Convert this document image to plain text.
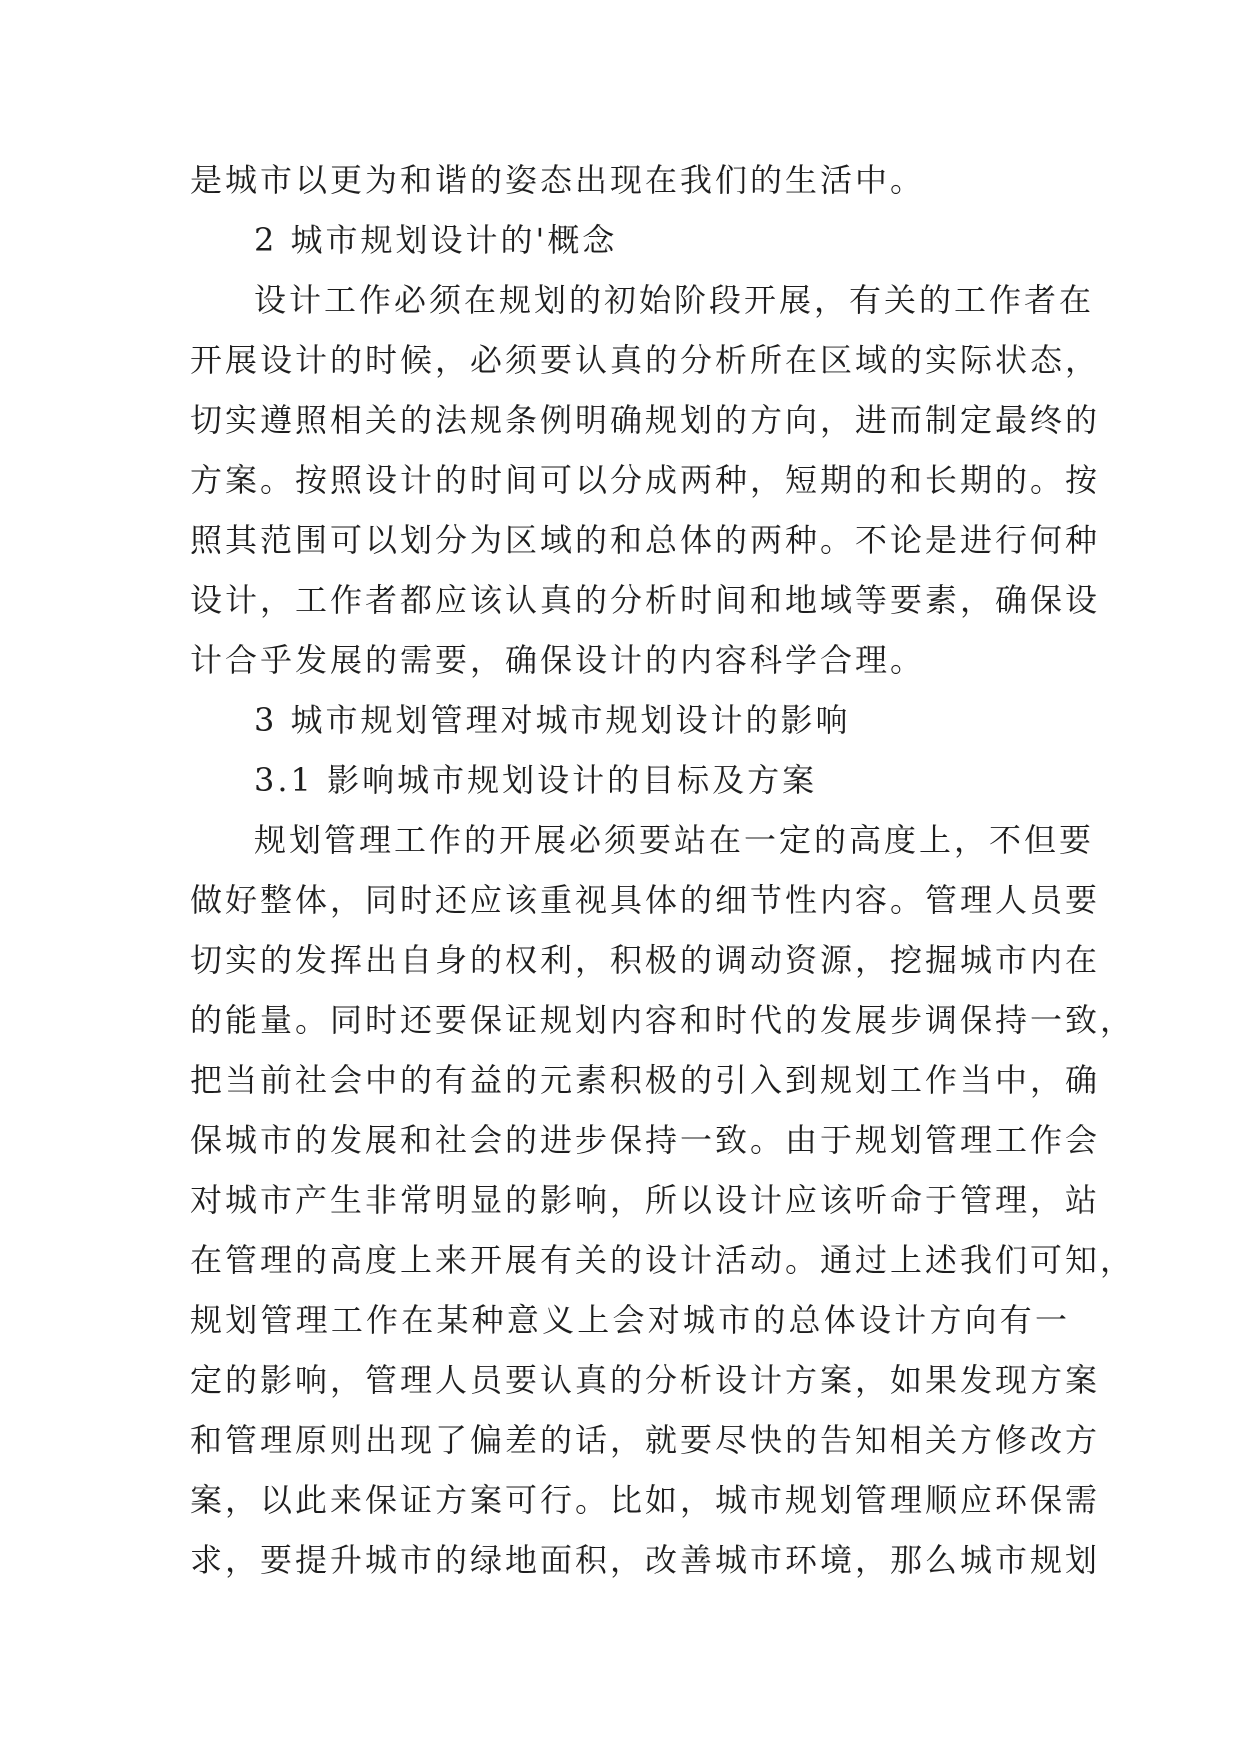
是城市以更为和谐的姿态出现在我们的生活中。
2 城市规划设计的'概念
设计工作必须在规划的初始阶段开展，有关的工作者在
开展设计的时候，必须要认真的分析所在区域的实际状态，
切实遵照相关的法规条例明确规划的方向，进而制定最终的
方案。按照设计的时间可以分成两种，短期的和长期的。按
照其范围可以划分为区域的和总体的两种。不论是进行何种
设计，工作者都应该认真的分析时间和地域等要素，确保设
计合乎发展的需要，确保设计的内容科学合理。
3 城市规划管理对城市规划设计的影响
3.1 影响城市规划设计的目标及方案
规划管理工作的开展必须要站在一定的高度上，不但要
做好整体，同时还应该重视具体的细节性内容。管理人员要
切实的发挥出自身的权利，积极的调动资源，挖掘城市内在
的能量。同时还要保证规划内容和时代的发展步调保持一致，
把当前社会中的有益的元素积极的引入到规划工作当中，确
保城市的发展和社会的进步保持一致。由于规划管理工作会
对城市产生非常明显的影响，所以设计应该听命于管理，站
在管理的高度上来开展有关的设计活动。通过上述我们可知，
规划管理工作在某种意义上会对城市的总体设计方向有一
定的影响，管理人员要认真的分析设计方案，如果发现方案
和管理原则出现了偏差的话，就要尽快的告知相关方修改方
案，以此来保证方案可行。比如，城市规划管理顺应环保需
求，要提升城市的绿地面积，改善城市环境，那么城市规划
